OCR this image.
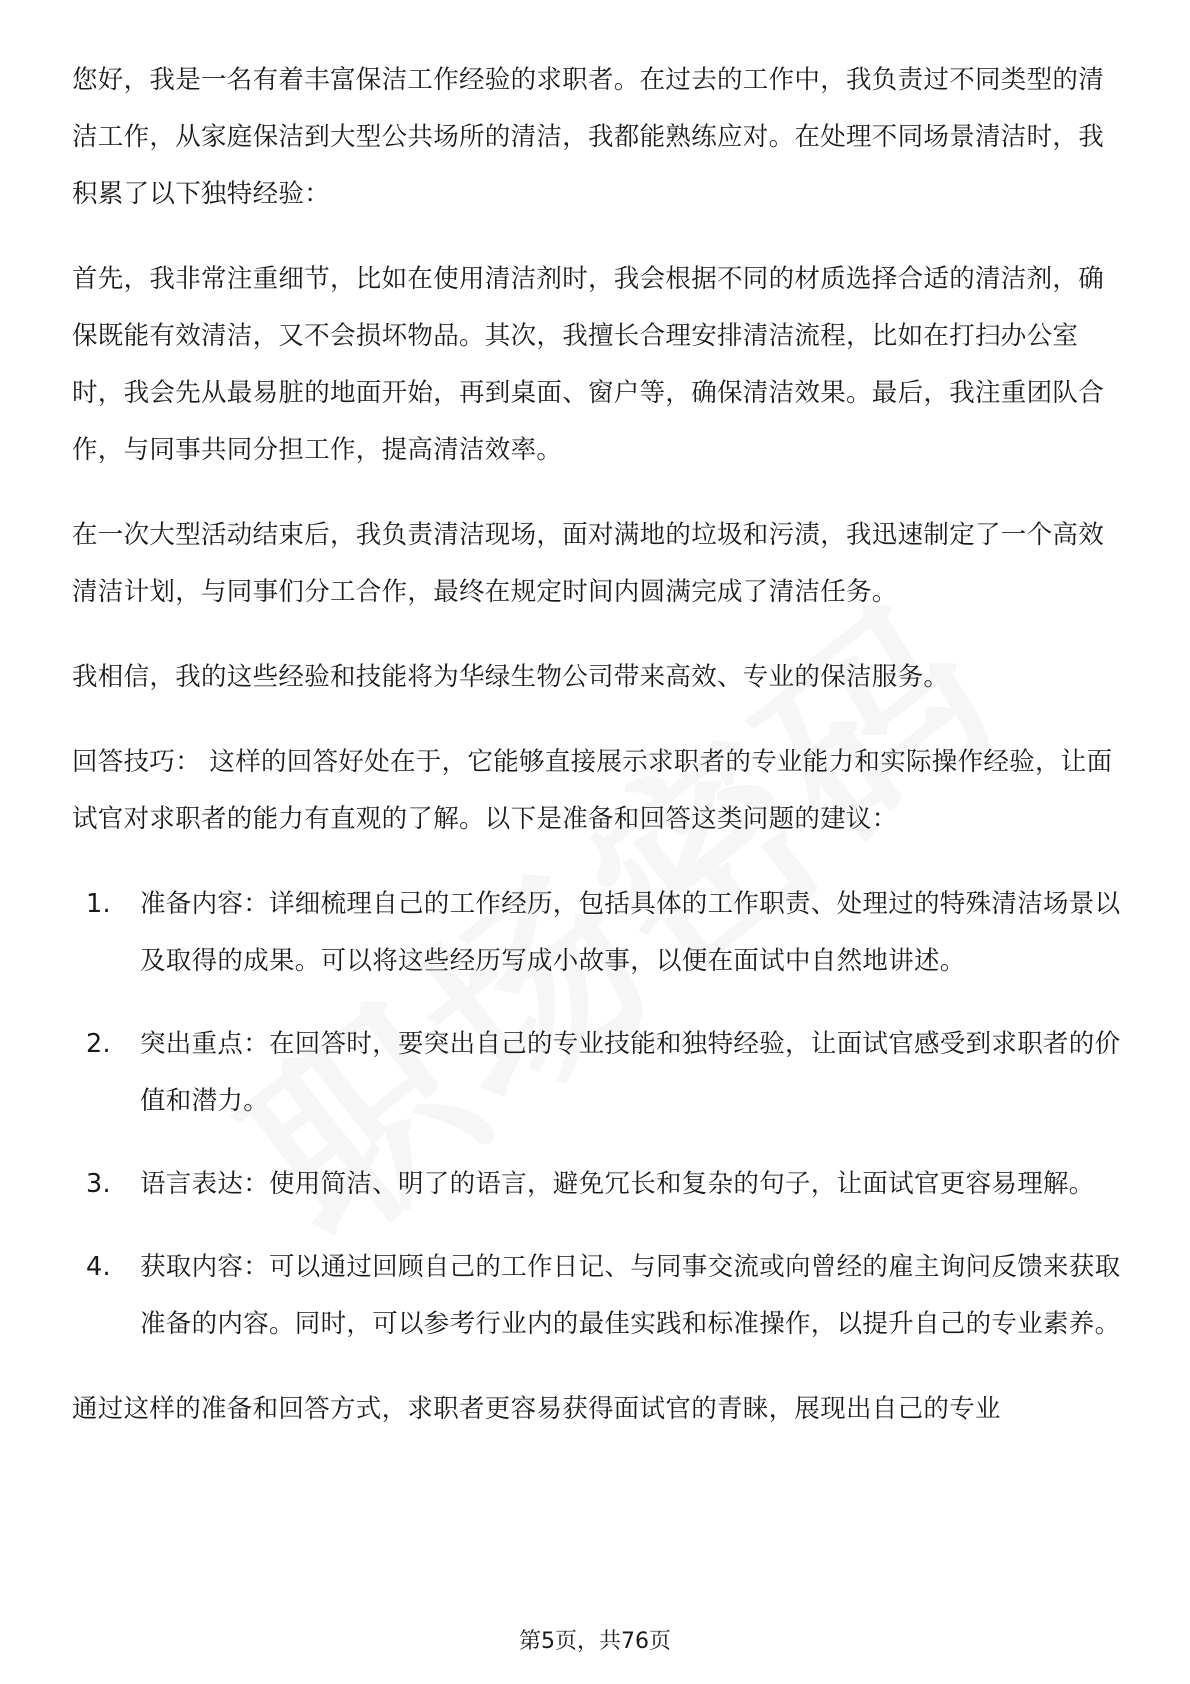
您好，我是一名有着丰富保洁工作经验的求职者。在过去的工作中，我负责过不同类型的清洁工作，从家庭保洁到大型公共场所的清洁，我都能熟练应对。在处理不同场景清洁时，我积累了以下独特经验：

首先，我非常注重细节，比如在使用清洁剂时，我会根据不同的材质选择合适的清洁剂，确保既能有效清洁，又不会损坏物品。其次，我擅长合理安排清洁流程，比如在打扫办公室时，我会先从最易脏的地面开始，再到桌面、窗户等，确保清洁效果。最后，我注重团队合作，与同事共同分担工作，提高清洁效率。

在一次大型活动结束后，我负责清洁现场，面对满地的垃圾和污渍，我迅速制定了一个高效清洁计划，与同事们分工合作，最终在规定时间内圆满完成了清洁任务。

我相信，我的这些经验和技能将为华绿生物公司带来高效、专业的保洁服务。

回答技巧： 这样的回答好处在于，它能够直接展示求职者的专业能力和实际操作经验，让面试官对求职者的能力有直观的了解。以下是准备和回答这类问题的建议：

1.	准备内容：详细梳理自己的工作经历，包括具体的工作职责、处理过的特殊清洁场景以及取得的成果。可以将这些经历写成小故事，以便在面试中自然地讲述。
2.	突出重点：在回答时，要突出自己的专业技能和独特经验，让面试官感受到求职者的价值和潜力。
3.	语言表达：使用简洁、明了的语言，避免冗长和复杂的句子，让面试官更容易理解。
4.	获取内容：可以通过回顾自己的工作日记、与同事交流或向曾经的雇主询问反馈来获取准备的内容。同时，可以参考行业内的最佳实践和标准操作，以提升自己的专业素养。

通过这样的准备和回答方式，求职者更容易获得面试官的青睐，展现出自己的专业

第5页，共76页
